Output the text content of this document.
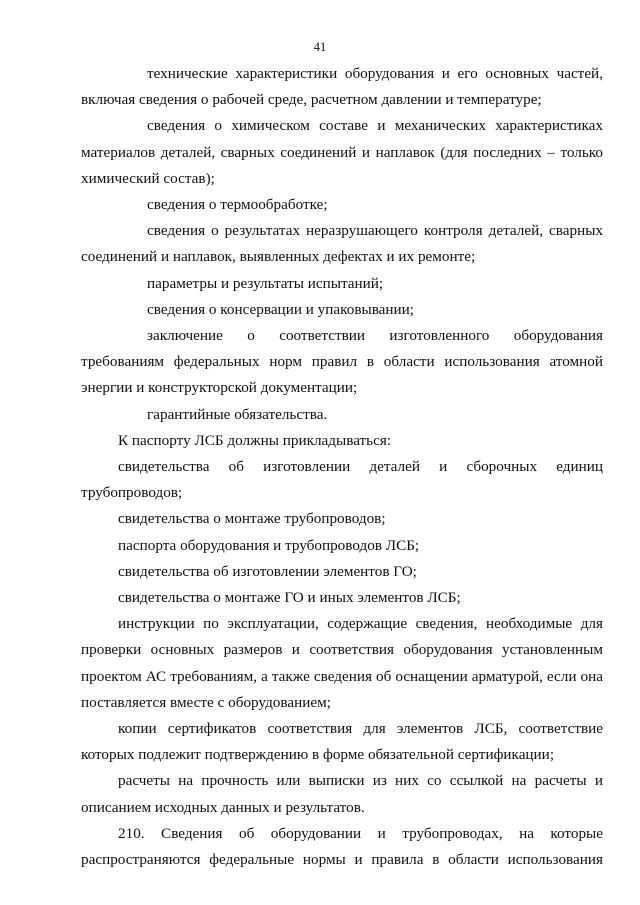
41

технические характеристики оборудования и его основных частей, включая сведения о рабочей среде, расчетном давлении и температуре;

сведения о химическом составе и механических характеристиках материалов деталей, сварных соединений и наплавок (для последних – только химический состав);

сведения о термообработке;

сведения о результатах неразрушающего контроля деталей, сварных соединений и наплавок, выявленных дефектах и их ремонте;

параметры и результаты испытаний;

сведения о консервации и упаковывании;

заключение о соответствии изготовленного оборудования требованиям федеральных норм правил в области использования атомной энергии и конструкторской документации;

гарантийные обязательства.

К паспорту ЛСБ должны прикладываться:

свидетельства об изготовлении деталей и сборочных единиц трубопроводов;

свидетельства о монтаже трубопроводов;

паспорта оборудования и трубопроводов ЛСБ;

свидетельства об изготовлении элементов ГО;

свидетельства о монтаже ГО и иных элементов ЛСБ;

инструкции по эксплуатации, содержащие сведения, необходимые для проверки основных размеров и соответствия оборудования установленным проектом АС требованиям, а также сведения об оснащении арматурой, если она поставляется вместе с оборудованием;

копии сертификатов соответствия для элементов ЛСБ, соответствие которых подлежит подтверждению в форме обязательной сертификации;

расчеты на прочность или выписки из них со ссылкой на расчеты и описанием исходных данных и результатов.

210. Сведения об оборудовании и трубопроводах, на которые распространяются федеральные нормы и правила в области использования
